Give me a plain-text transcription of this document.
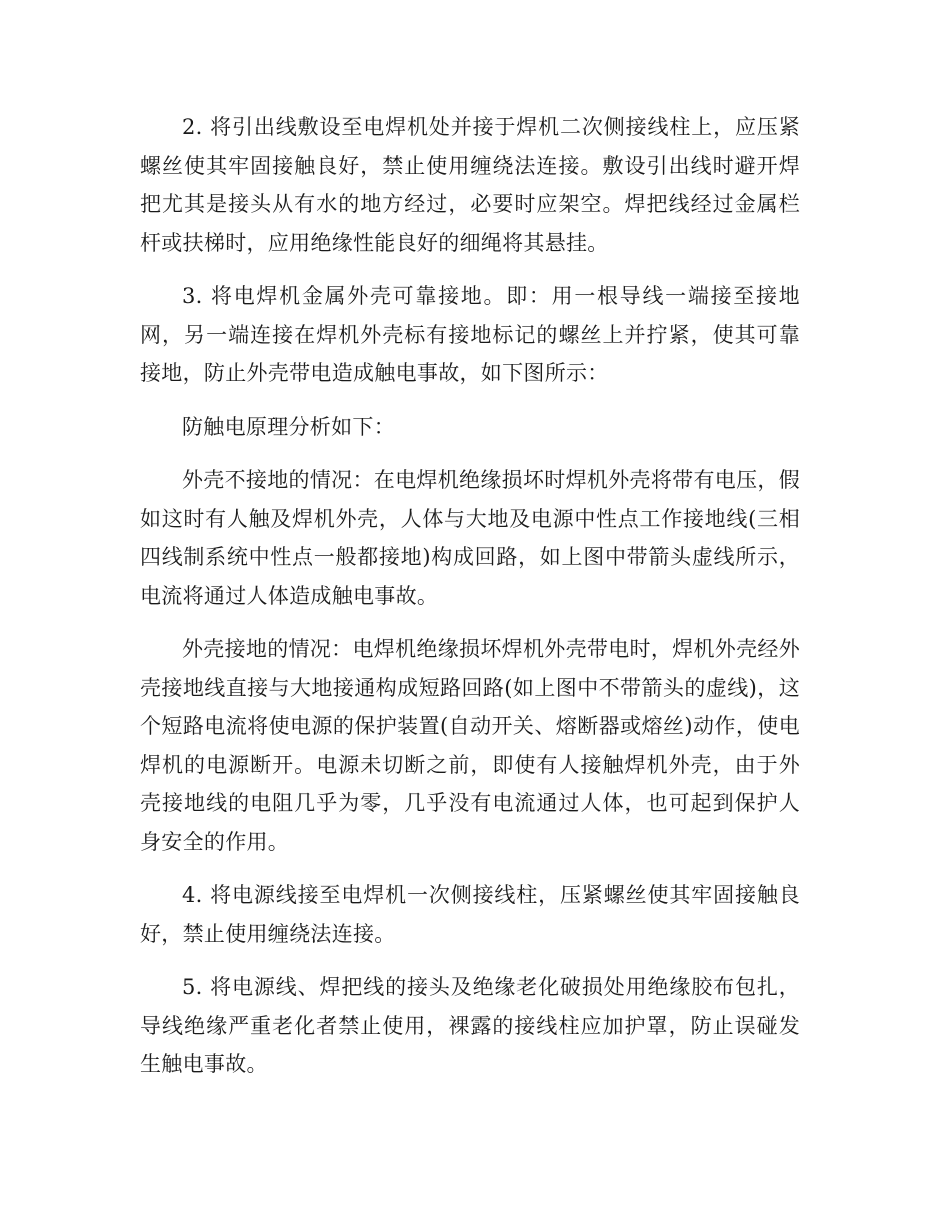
2. 将引出线敷设至电焊机处并接于焊机二次侧接线柱上，应压紧螺丝使其牢固接触良好，禁止使用缠绕法连接。敷设引出线时避开焊把尤其是接头从有水的地方经过，必要时应架空。焊把线经过金属栏杆或扶梯时，应用绝缘性能良好的细绳将其悬挂。

3. 将电焊机金属外壳可靠接地。即：用一根导线一端接至接地网，另一端连接在焊机外壳标有接地标记的螺丝上并拧紧，使其可靠接地，防止外壳带电造成触电事故，如下图所示：

防触电原理分析如下：

外壳不接地的情况：在电焊机绝缘损坏时焊机外壳将带有电压，假如这时有人触及焊机外壳，人体与大地及电源中性点工作接地线(三相四线制系统中性点一般都接地)构成回路，如上图中带箭头虚线所示，电流将通过人体造成触电事故。

外壳接地的情况：电焊机绝缘损坏焊机外壳带电时，焊机外壳经外壳接地线直接与大地接通构成短路回路(如上图中不带箭头的虚线)，这个短路电流将使电源的保护装置(自动开关、熔断器或熔丝)动作，使电焊机的电源断开。电源未切断之前，即使有人接触焊机外壳，由于外壳接地线的电阻几乎为零，几乎没有电流通过人体，也可起到保护人身安全的作用。

4. 将电源线接至电焊机一次侧接线柱，压紧螺丝使其牢固接触良好，禁止使用缠绕法连接。

5. 将电源线、焊把线的接头及绝缘老化破损处用绝缘胶布包扎，导线绝缘严重老化者禁止使用，裸露的接线柱应加护罩，防止误碰发生触电事故。
